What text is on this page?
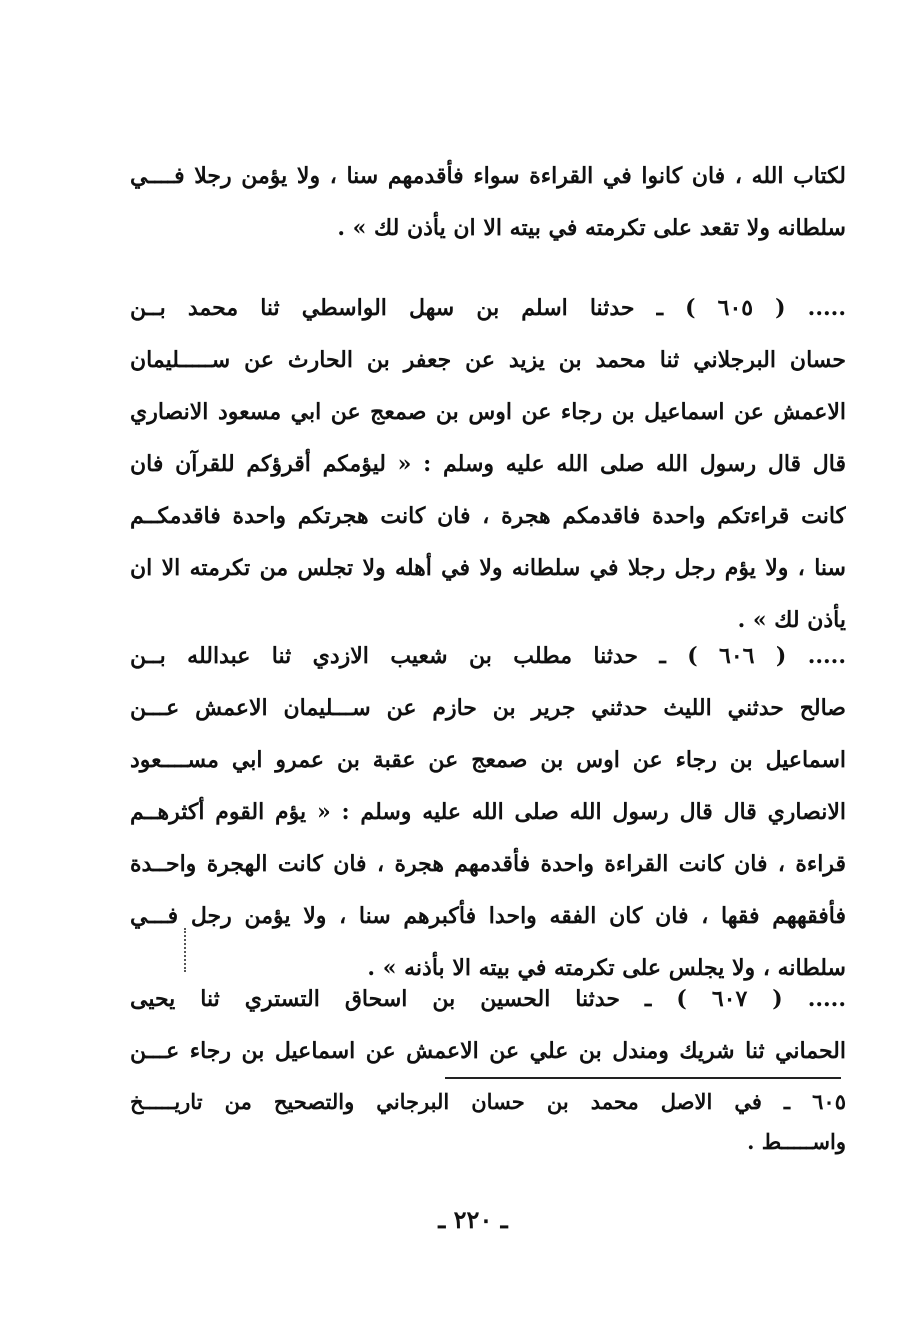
لكتاب الله ، فان كانوا في القراءة سواء فأقدمهم سنا ، ولا يؤمن رجلا فــــي
سلطانه ولا تقعد على تكرمته في بيته الا ان يأذن لك » .
..... ( ٦٠٥ ) ـ حدثنا اسلم بن سهل الواسطي ثنا محمد بــن
حسان البرجلاني ثنا محمد بن يزيد عن جعفر بن الحارث عن ســـــليمان
الاعمش عن اسماعيل بن رجاء عن اوس بن صمعج عن ابي مسعود الانصاري
قال قال رسول الله صلى الله عليه وسلم : « ليؤمكم أقرؤكم للقرآن فان
كانت قراءتكم واحدة فاقدمكم هجرة ، فان كانت هجرتكم واحدة فاقدمكــم
سنا ، ولا يؤم رجل رجلا في سلطانه ولا في أهله ولا تجلس من تكرمته الا ان
يأذن لك » .
..... ( ٦٠٦ ) ـ حدثنا مطلب بن شعيب الازدي ثنا عبدالله بــن
صالح حدثني الليث حدثني جرير بن حازم عن ســـليمان الاعمش عـــن
اسماعيل بن رجاء عن اوس بن صمعج عن عقبة بن عمرو ابي مســــعود
الانصاري قال قال رسول الله صلى الله عليه وسلم : « يؤم القوم أكثرهــم
قراءة ، فان كانت القراءة واحدة فأقدمهم هجرة ، فان كانت الهجرة واحــدة
فأفقههم فقها ، فان كان الفقه واحدا فأكبرهم سنا ، ولا يؤمن رجل فـــي
سلطانه ، ولا يجلس على تكرمته في بيته الا بأذنه » .
..... ( ٦٠٧ ) ـ حدثنا الحسين بن اسحاق التستري ثنا يحيى
الحماني ثنا شريك ومندل بن علي عن الاعمش عن اسماعيل بن رجاء عـــن
٦٠٥ ـ في الاصل محمد بن حسان البرجاني والتصحيح من تاريـــــخ
واســـــط .
ـ ٢٢٠ ـ
